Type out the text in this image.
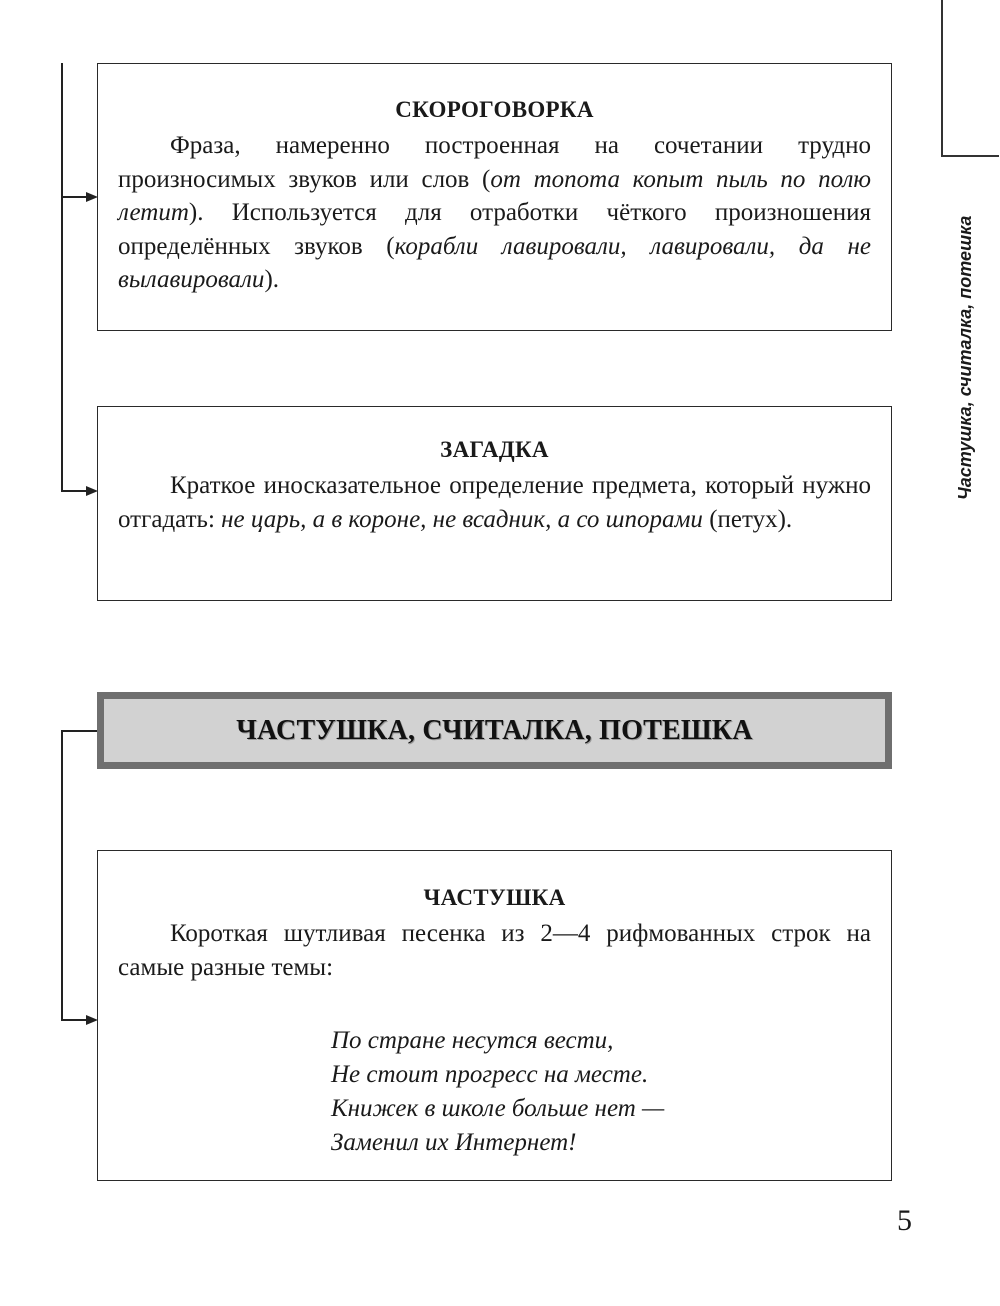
СКОРОГОВОРКА

Фраза, намеренно построенная на сочетании трудно произносимых звуков или слов (от топота копыт пыль по полю летит). Используется для отработки чёткого произношения определённых звуков (корабли лавировали, лавировали, да не вылавировали).

ЗАГАДКА

Краткое иносказательное определение предмета, который нужно отгадать: не царь, а в короне, не всадник, а со шпорами (петух).

ЧАСТУШКА, СЧИТАЛКА, ПОТЕШКА

ЧАСТУШКА

Короткая шутливая песенка из 2—4 рифмованных строк на самые разные темы:

По стране несутся вести,
Не стоит прогресс на месте.
Книжек в школе больше нет —
Заменил их Интернет!
Частушка, считалка, потешка
5
